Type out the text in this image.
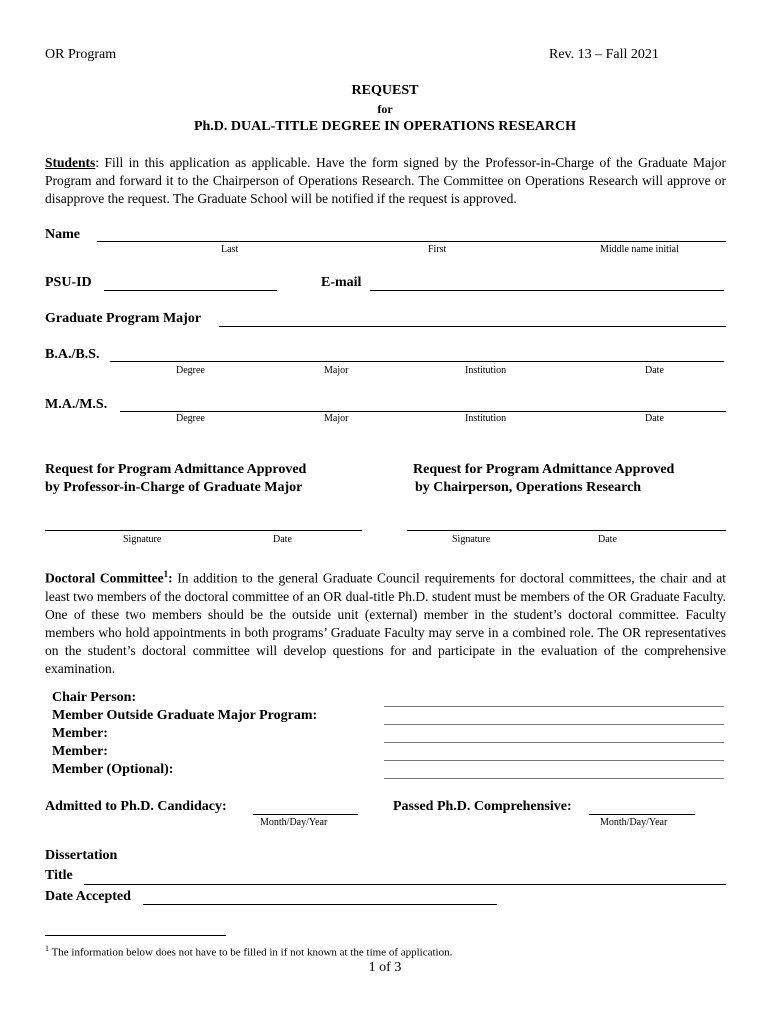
OR Program	Rev. 13 – Fall 2021
REQUEST
for
Ph.D. DUAL-TITLE DEGREE IN OPERATIONS RESEARCH
Students: Fill in this application as applicable. Have the form signed by the Professor-in-Charge of the Graduate Major Program and forward it to the Chairperson of Operations Research. The Committee on Operations Research will approve or disapprove the request. The Graduate School will be notified if the request is approved.
Name
Last	First	Middle name initial
PSU-ID	E-mail
Graduate Program Major
B.A./B.S.
Degree	Major	Institution	Date
M.A./M.S.
Degree	Major	Institution	Date
Request for Program Admittance Approved
by Professor-in-Charge of Graduate Major
Request for Program Admittance Approved
by Chairperson, Operations Research
Signature	Date	Signature	Date
Doctoral Committee$^1$: In addition to the general Graduate Council requirements for doctoral committees, the chair and at least two members of the doctoral committee of an OR dual-title Ph.D. student must be members of the OR Graduate Faculty. One of these two members should be the outside unit (external) member in the student’s doctoral committee. Faculty members who hold appointments in both programs’ Graduate Faculty may serve in a combined role. The OR representatives on the student’s doctoral committee will develop questions for and participate in the evaluation of the comprehensive examination.
Chair Person:
Member Outside Graduate Major Program:
Member:
Member:
Member (Optional):
Admitted to Ph.D. Candidacy:
Month/Day/Year
Passed Ph.D. Comprehensive:
Month/Day/Year
Dissertation
Title
Date Accepted
$^1$ The information below does not have to be filled in if not known at the time of application.
1 of 3
